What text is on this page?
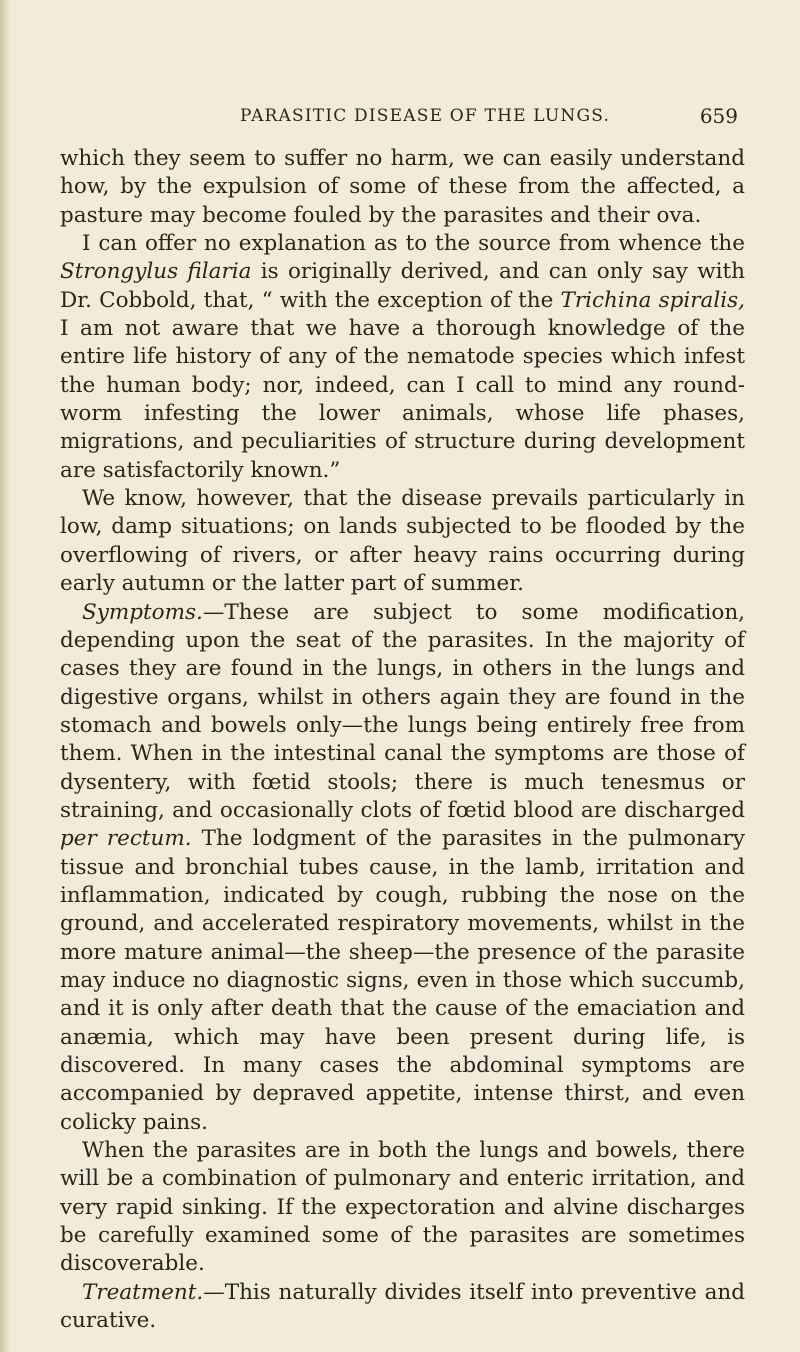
PARASITIC DISEASE OF THE LUNGS.	659

which they seem to suffer no harm, we can easily understand how, by the expulsion of some of these from the affected, a pasture may become fouled by the parasites and their ova.

I can offer no explanation as to the source from whence the Strongylus filaria is originally derived, and can only say with Dr. Cobbold, that, “ with the exception of the Trichina spiralis, I am not aware that we have a thorough knowledge of the entire life history of any of the nematode species which infest the human body; nor, indeed, can I call to mind any round-worm infesting the lower animals, whose life phases, migrations, and peculiarities of structure during development are satisfactorily known.”

We know, however, that the disease prevails particularly in low, damp situations; on lands subjected to be flooded by the overflowing of rivers, or after heavy rains occurring during early autumn or the latter part of summer.

Symptoms.—These are subject to some modification, depending upon the seat of the parasites. In the majority of cases they are found in the lungs, in others in the lungs and digestive organs, whilst in others again they are found in the stomach and bowels only—the lungs being entirely free from them. When in the intestinal canal the symptoms are those of dysentery, with fœtid stools; there is much tenesmus or straining, and occasionally clots of fœtid blood are discharged per rectum. The lodgment of the parasites in the pulmonary tissue and bronchial tubes cause, in the lamb, irritation and inflammation, indicated by cough, rubbing the nose on the ground, and accelerated respiratory movements, whilst in the more mature animal—the sheep—the presence of the parasite may induce no diagnostic signs, even in those which succumb, and it is only after death that the cause of the emaciation and anæmia, which may have been present during life, is discovered. In many cases the abdominal symptoms are accompanied by depraved appetite, intense thirst, and even colicky pains.

When the parasites are in both the lungs and bowels, there will be a combination of pulmonary and enteric irritation, and very rapid sinking. If the expectoration and alvine discharges be carefully examined some of the parasites are sometimes discoverable.

Treatment.—This naturally divides itself into preventive and curative.
